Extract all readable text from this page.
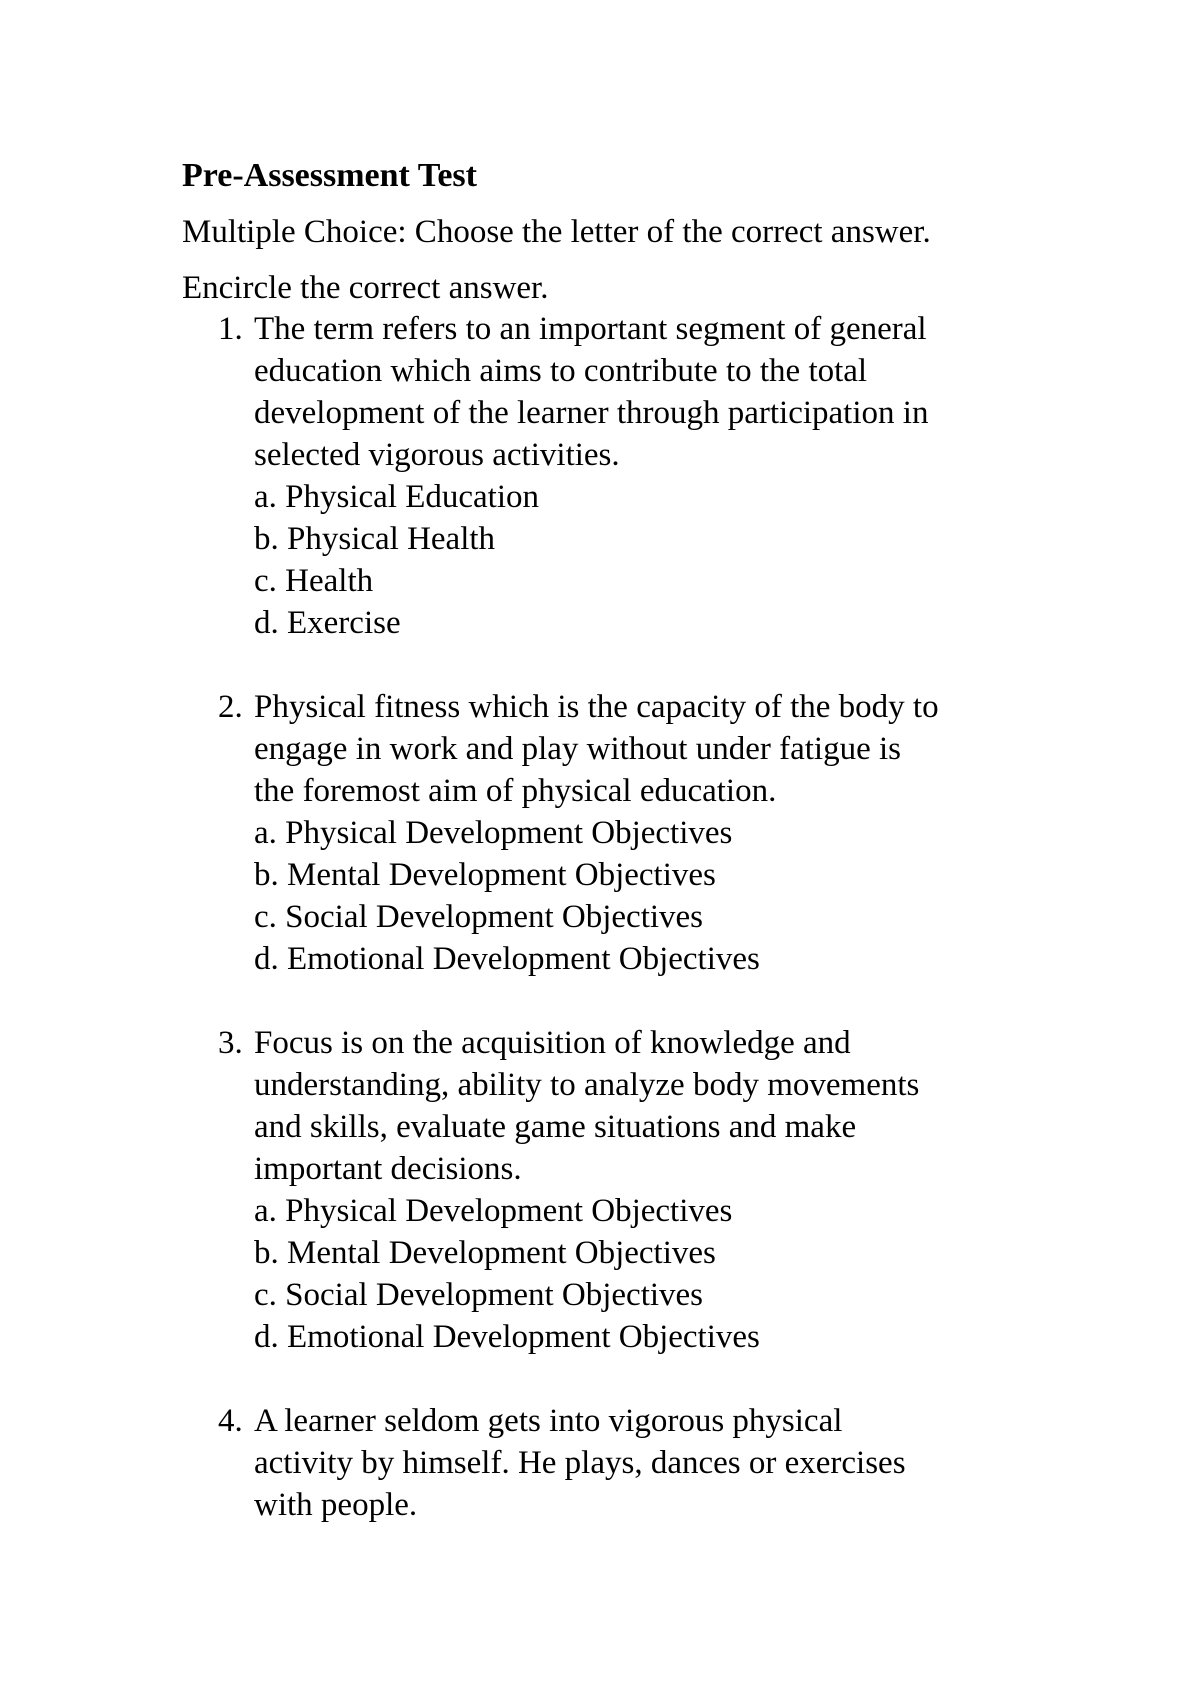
Pre-Assessment Test
Multiple Choice: Choose the letter of the correct answer.
Encircle the correct answer.
1. The term refers to an important segment of general
education which aims to contribute to the total
development of the learner through participation in
selected vigorous activities.
a. Physical Education
b. Physical Health
c. Health
d. Exercise
2. Physical fitness which is the capacity of the body to
engage in work and play without under fatigue is
the foremost aim of physical education.
a. Physical Development Objectives
b. Mental Development Objectives
c. Social Development Objectives
d. Emotional Development Objectives
3. Focus is on the acquisition of knowledge and
understanding, ability to analyze body movements
and skills, evaluate game situations and make
important decisions.
a. Physical Development Objectives
b. Mental Development Objectives
c. Social Development Objectives
d. Emotional Development Objectives
4. A learner seldom gets into vigorous physical
activity by himself. He plays, dances or exercises
with people.
